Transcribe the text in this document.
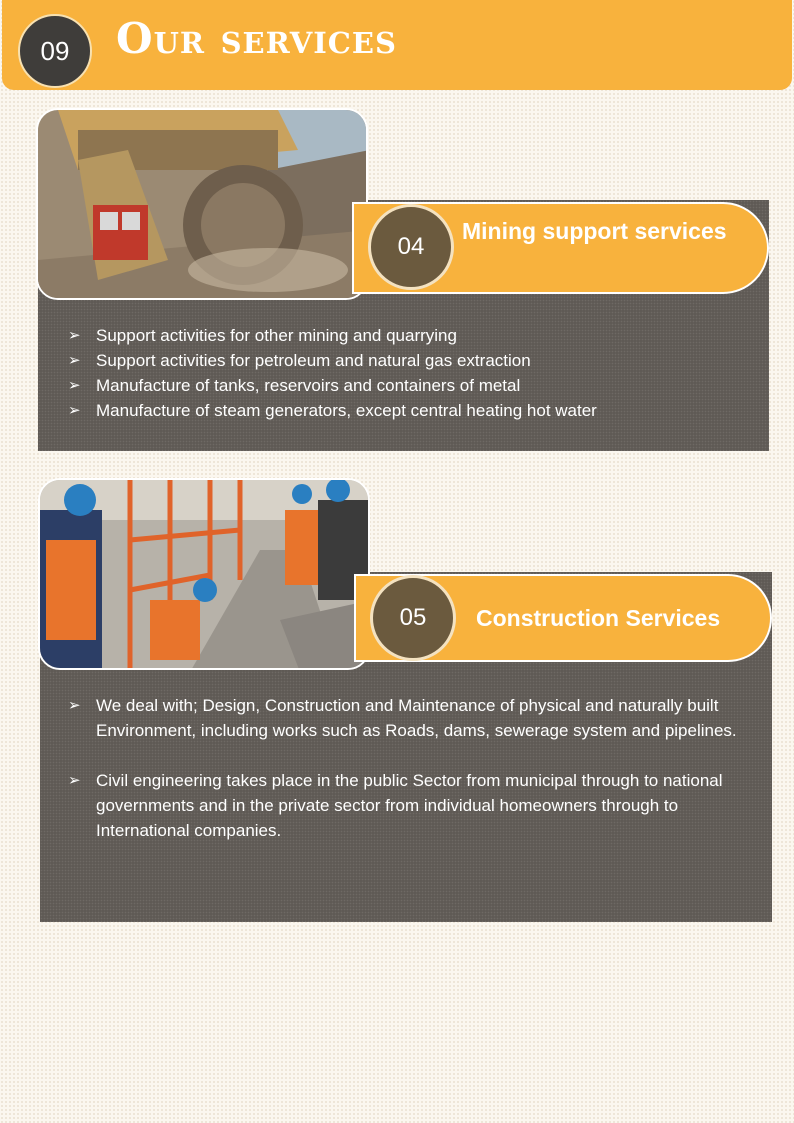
09	Our services
Mining support services
04
➢ Support activities for other mining and quarrying
➢ Support activities for petroleum and natural gas extraction
➢ Manufacture of tanks, reservoirs and containers of metal
➢ Manufacture of steam generators, except central heating hot water
Construction Services
05
➢ We deal with; Design, Construction and Maintenance of physical and naturally built Environment, including works such as Roads, dams, sewerage system and pipelines.
➢ Civil engineering takes place in the public Sector from municipal through to national governments and in the private sector from individual homeowners through to International companies.
